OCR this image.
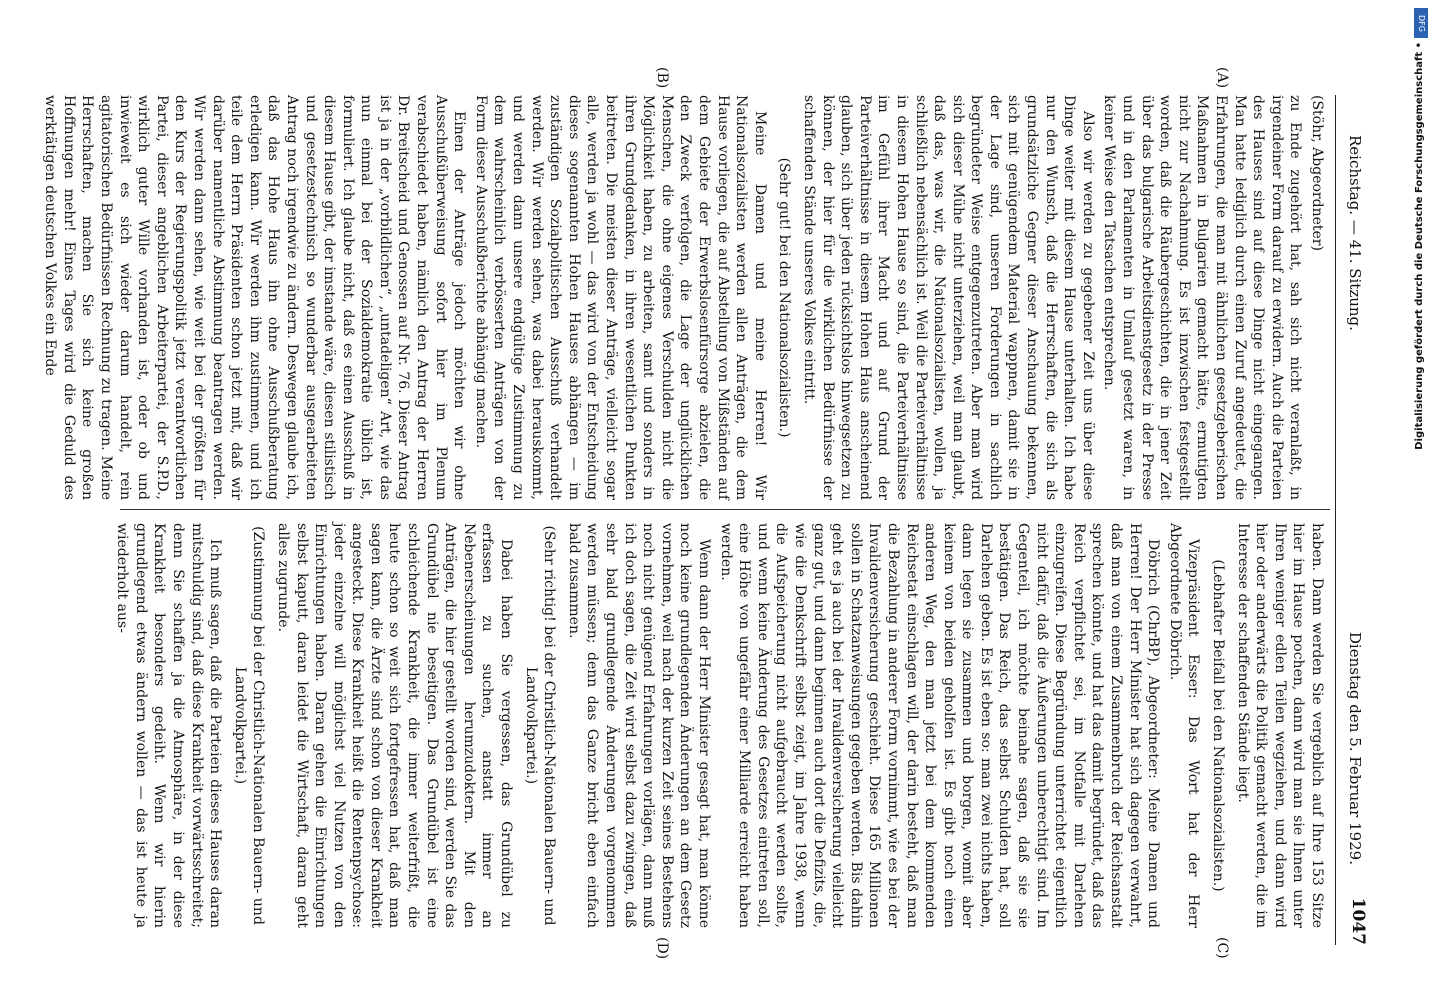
Reichstag. — 41. Sitzung.
Dienstag den 5. Februar 1929.
1047
(A)
(B)
(C)
(D)

(Stöhr, Abgeordneter)

zu Ende zugehört hat, sah sich nicht veranlaßt, in irgendeiner Form darauf zu erwidern. Auch die Parteien des Hauses sind auf diese Dinge nicht eingegangen. Man hatte lediglich durch einen Zuruf angedeutet, die Erfahrungen, die man mit ähnlichen gesetzgeberischen Maßnahmen in Bulgarien gemacht hätte, ermutigten nicht zur Nachahmung. Es ist inzwischen festgestellt worden, daß die Räubergeschichten, die in jener Zeit über das bulgarische Arbeitsdienstgesetz in der Presse und in den Parlamenten in Umlauf gesetzt waren, in keiner Weise den Tatsachen entsprechen.

Also wir werden zu gegebener Zeit uns über diese Dinge weiter mit diesem Hause unterhalten. Ich habe nur den Wunsch, daß die Herrschaften, die sich als grundsätzliche Gegner dieser Anschauung bekennen, sich mit genügendem Material wappnen, damit sie in der Lage sind, unseren Forderungen in sachlich begründeter Weise entgegenzutreten. Aber man wird sich dieser Mühe nicht unterziehen, weil man glaubt, daß das, was wir, die Nationalsozialisten, wollen, ja schließlich nebensächlich ist. Weil die Parteiverhältnisse in diesem Hohen Hause so sind, die Parteiverhältnisse im Gefühl ihrer Macht und auf Grund der Parteiverhältnisse in diesem Hohen Haus anscheinend glauben, sich über jeden rücksichtslos hinwegsetzen zu können, der hier für die wirklichen Bedürfnisse der schaffenden Stände unseres Volkes eintritt.

(Sehr gut! bei den Nationalsozialisten.)

Meine Damen und meine Herren! Wir Nationalsozialisten werden allen Anträgen, die dem Hause vorliegen, die auf Abstellung von Mißständen auf dem Gebiete der Erwerbslosenfürsorge abzielen, die den Zweck verfolgen, die Lage der unglücklichen Menschen, die ohne eigenes Verschulden nicht die Möglichkeit haben, zu arbeiten, samt und sonders in ihren Grundgedanken, in ihren wesentlichen Punkten beitreten. Die meisten dieser Anträge, vielleicht sogar alle, werden ja wohl — das wird von der Entscheidung dieses sogenannten Hohen Hauses abhängen — im zuständigen Sozialpolitischen Ausschuß verhandelt werden. Wir werden sehen, was dabei herauskommt, und werden dann unsere endgültige Zustimmung zu dem wahrscheinlich verbösserten Anträgen von der Form dieser Ausschußberichte abhängig machen.

Einen der Anträge jedoch möchten wir ohne Ausschußüberweisung sofort hier im Plenum verabschiedet haben, nämlich den Antrag der Herren Dr. Breitscheid und Genossen auf Nr. 76. Dieser Antrag ist ja in der „vorbildlichen“, „untadeligen“ Art, wie das nun einmal bei der Sozialdemokratie üblich ist, formuliert. Ich glaube nicht, daß es einen Ausschuß in diesem Hause gibt, der imstande wäre, diesen stilistisch und gesetzestechnisch so wunderbar ausgearbeiteten Antrag noch irgendwie zu ändern. Deswegen glaube ich, daß das Hohe Haus ihn ohne Ausschußberatung erledigen kann. Wir werden ihm zustimmen, und ich teile dem Herrn Präsidenten schon jetzt mit, daß wir darüber namentliche Abstimmung beantragen werden. Wir werden dann sehen, wie weit bei der größten für den Kurs der Regierungspolitik jetzt verantwortlichen Partei, dieser angeblichen Arbeiterpartei, der S.P.D., wirklich guter Wille vorhanden ist, oder ob und inwieweit es sich wieder darum handelt, rein agitatorischen Bedürfnissen Rechnung zu tragen. Meine Herrschaften, machen Sie sich keine großen Hoffnungen mehr! Eines Tages wird die Geduld des werktätigen deutschen Volkes ein Ende

haben. Dann werden Sie vergeblich auf Ihre 153 Sitze hier im Hause pochen, dann wird man sie Ihnen unter Ihren weniger edlen Teilen wegziehen, und dann wird hier oder anderwärts die Politik gemacht werden, die im Interesse der schaffenden Stände liegt.

(Lebhafter Beifall bei den Nationalsozialisten.)

Vizepräsident Esser: Das Wort hat der Herr Abgeordnete Döbrich.

Döbrich (ChrBP), Abgeordneter: Meine Damen und Herren! Der Herr Minister hat sich dagegen verwahrt, daß man von einem Zusammenbruch der Reichsanstalt sprechen könnte, und hat das damit begründet, daß das Reich verpflichtet sei, im Notfalle mit Darlehen einzugreifen. Diese Begründung unterrichtet eigentlich nicht dafür, daß die Äußerungen unberechtigt sind. Im Gegenteil, ich möchte beinahe sagen, daß sie sie bestätigen. Das Reich, das selbst Schulden hat, soll Darlehen geben. Es ist eben so: man zwei nichts haben, dann legen sie zusammen und borgen, womit aber keinem von beiden geholfen ist. Es gibt noch einen anderen Weg, den man jetzt bei dem kommenden Reichsetat einschlagen will, der darin besteht, daß man die Bezahlung in anderer Form vornimmt, wie es bei der Invalidenversicherung geschieht. Diese 165 Millionen sollen in Schatzanweisungen gegeben werden. Bis dahin geht es ja auch bei der Invalidenversicherung vielleicht ganz gut, und dann beginnen auch dort die Defizits, die, wie die Denkschrift selbst zeigt, im Jahre 1938, wenn die Aufspeicherung nicht aufgebraucht werden sollte, und wenn keine Änderung des Gesetzes eintreten soll, eine Höhe von ungefähr einer Milliarde erreicht haben werden.

Wenn dann der Herr Minister gesagt hat, man könne noch keine grundlegenden Änderungen an dem Gesetz vornehmen, weil nach der kurzen Zeit seines Bestehens noch nicht genügend Erfahrungen vorlägen, dann muß ich doch sagen, die Zeit wird selbst dazu zwingen, daß sehr bald grundlegende Änderungen vorgenommen werden müssen; denn das Ganze bricht eben einfach bald zusammen.

(Sehr richtig! bei der Christlich-Nationalen Bauern- und Landvolkpartei.)

Dabei haben Sie vergessen, das Grundübel zu erfassen zu suchen, anstatt immer an Nebenerscheinungen herumzudoktern. Mit den Anträgen, die hier gestellt worden sind, werden Sie das Grundübel nie beseitigen. Das Grundübel ist eine schleichende Krankheit, die immer weiterfrißt, die heute schon so weit sich fortgefressen hat, daß man sagen kann, die Ärzte sind schon von dieser Krankheit angesteckt. Diese Krankheit heißt die Rentenpsychose: jeder einzelne will möglichst viel Nutzen von den Einrichtungen haben. Daran gehen die Einrichtungen selbst kaputt, daran leidet die Wirtschaft, daran geht alles zugrunde.

(Zustimmung bei der Christlich-Nationalen Bauern- und Landvolkpartei.)

Ich muß sagen, daß die Parteien dieses Hauses daran mitschuldig sind, daß diese Krankheit vorwärtsschreitet; denn Sie schaffen ja die Atmosphäre, in der diese Krankheit besonders gedeiht. Wenn wir hierin grundlegend etwas ändern wollen — das ist heute ja wiederholt aus-

DFG
Digitalisierung gefördert durch die Deutsche Forschungsgemeinschaft •
